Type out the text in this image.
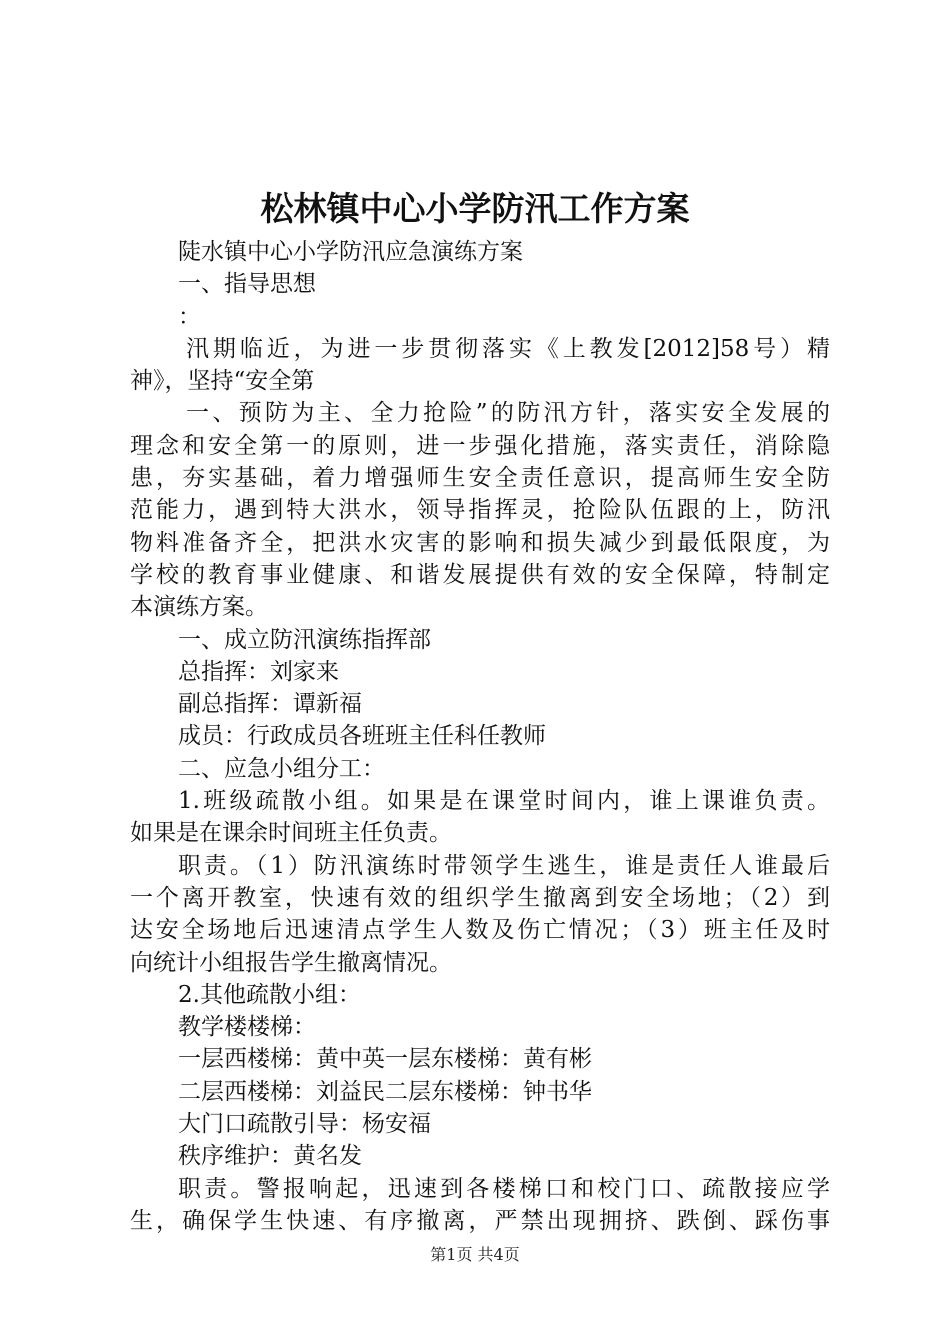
松林镇中心小学防汛工作方案
陡水镇中心小学防汛应急演练方案
一、指导思想
：
汛期临近，为进一步贯彻落实《上教发[2012]58号）精
神》，坚持“安全第
一、预防为主、全力抢险”的防汛方针，落实安全发展的
理念和安全第一的原则，进一步强化措施，落实责任，消除隐
患，夯实基础，着力增强师生安全责任意识，提高师生安全防
范能力，遇到特大洪水，领导指挥灵，抢险队伍跟的上，防汛
物料准备齐全，把洪水灾害的影响和损失减少到最低限度，为
学校的教育事业健康、和谐发展提供有效的安全保障，特制定
本演练方案。
一、成立防汛演练指挥部
总指挥：刘家来
副总指挥：谭新福
成员：行政成员各班班主任科任教师
二、应急小组分工：
1.班级疏散小组。如果是在课堂时间内，谁上课谁负责。
如果是在课余时间班主任负责。
职责。（1）防汛演练时带领学生逃生，谁是责任人谁最后
一个离开教室，快速有效的组织学生撤离到安全场地；（2）到
达安全场地后迅速清点学生人数及伤亡情况；（3）班主任及时
向统计小组报告学生撤离情况。
2.其他疏散小组：
教学楼楼梯：
一层西楼梯：黄中英一层东楼梯：黄有彬
二层西楼梯：刘益民二层东楼梯：钟书华
大门口疏散引导：杨安福
秩序维护：黄名发
职责。警报响起，迅速到各楼梯口和校门口、疏散接应学
生，确保学生快速、有序撤离，严禁出现拥挤、跌倒、踩伤事
第1页 共4页
